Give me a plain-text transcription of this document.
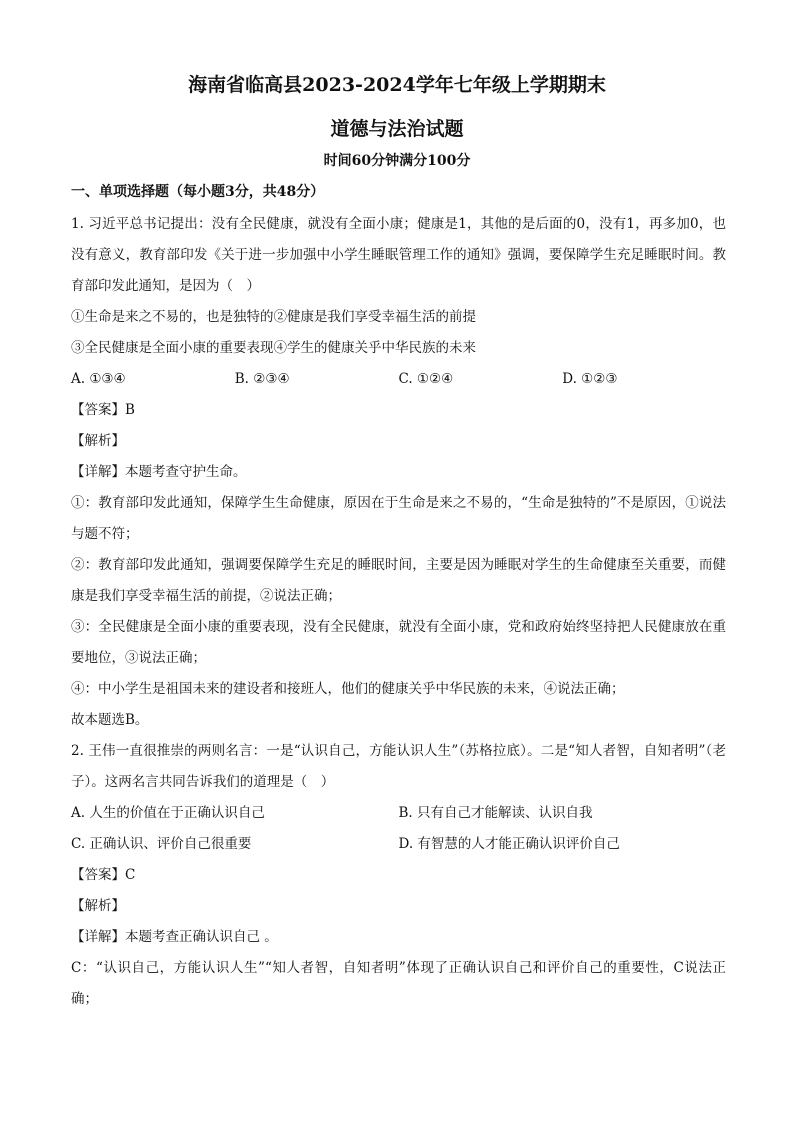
海南省临高县2023-2024学年七年级上学期期末
道德与法治试题
时间60分钟满分100分
一、单项选择题（每小题3分，共48分）
1. 习近平总书记提出：没有全民健康，就没有全面小康；健康是1，其他的是后面的0，没有1，再多加0，也没有意义，教育部印发《关于进一步加强中小学生睡眠管理工作的通知》强调，要保障学生充足睡眠时间。教育部印发此通知，是因为（　）
①生命是来之不易的，也是独特的②健康是我们享受幸福生活的前提
③全民健康是全面小康的重要表现④学生的健康关乎中华民族的未来
A. ①③④	B. ②③④	C. ①②④	D. ①②③
【答案】B
【解析】
【详解】本题考查守护生命。
①：教育部印发此通知，保障学生生命健康，原因在于生命是来之不易的，“生命是独特的”不是原因，①说法与题不符；
②：教育部印发此通知，强调要保障学生充足的睡眠时间，主要是因为睡眠对学生的生命健康至关重要，而健康是我们享受幸福生活的前提，②说法正确；
③：全民健康是全面小康的重要表现，没有全民健康，就没有全面小康，党和政府始终坚持把人民健康放在重要地位，③说法正确；
④：中小学生是祖国未来的建设者和接班人，他们的健康关乎中华民族的未来，④说法正确；
故本题选B。
2. 王伟一直很推崇的两则名言：一是“认识自己，方能认识人生”（苏格拉底）。二是“知人者智，自知者明”（老子）。这两名言共同告诉我们的道理是（　）
A. 人生的价值在于正确认识自己	B. 只有自己才能解读、认识自我
C. 正确认识、评价自己很重要	D. 有智慧的人才能正确认识评价自己
【答案】C
【解析】
【详解】本题考查正确认识自己 。
C：“认识自己，方能认识人生”“知人者智，自知者明”体现了正确认识自己和评价自己的重要性，C说法正确；
